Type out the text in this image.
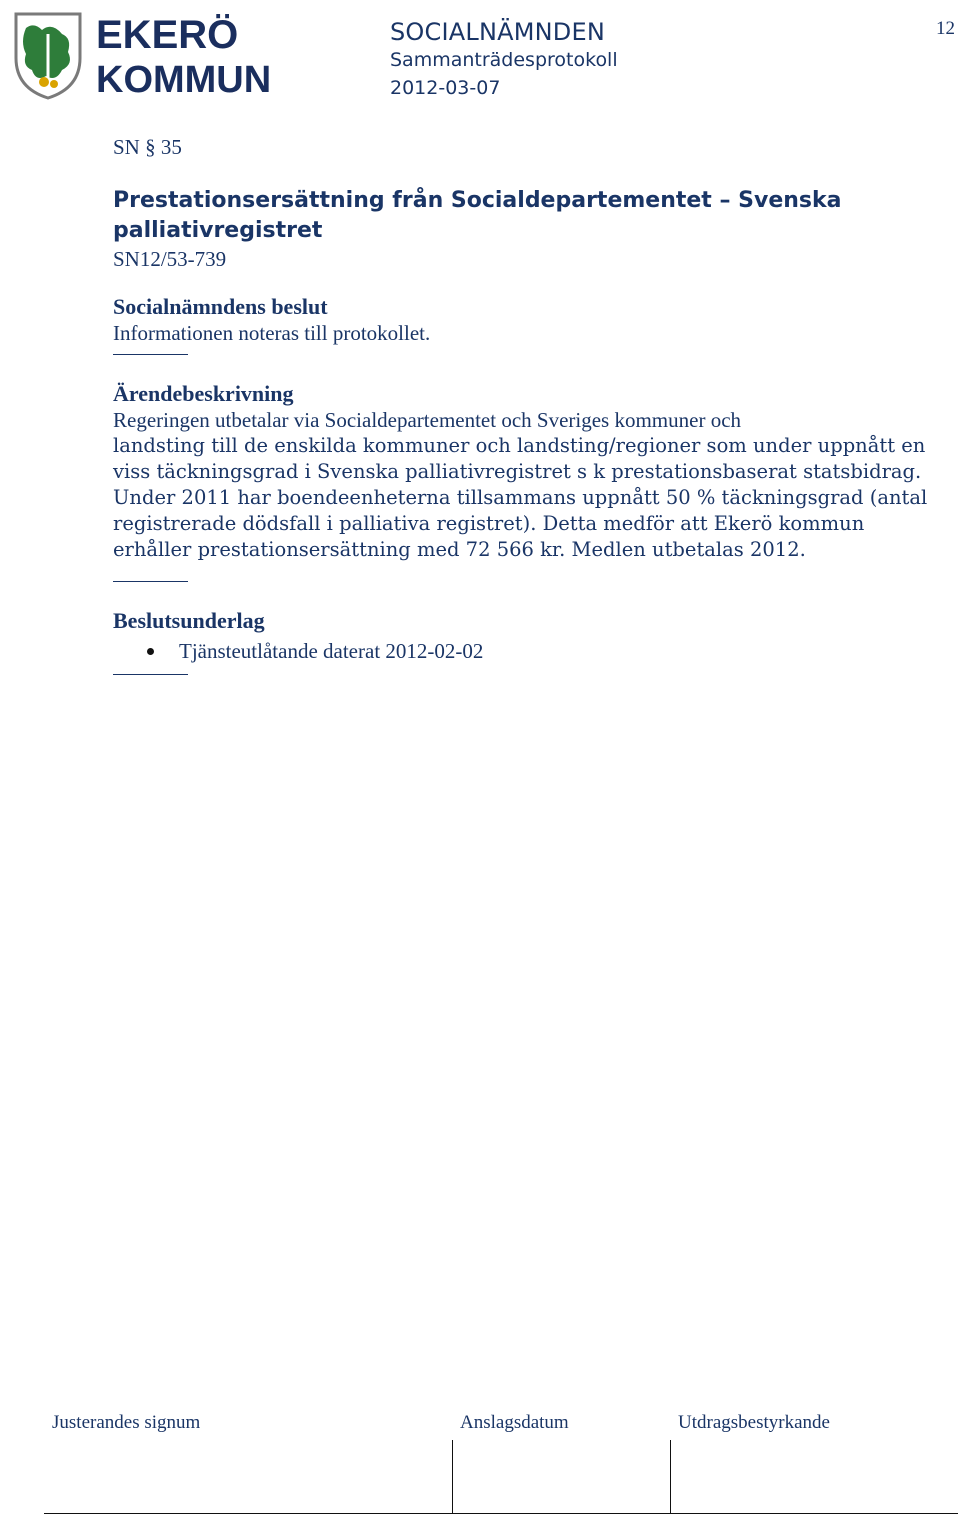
EKERÖ
KOMMUN
SOCIALNÄMNDEN
Sammanträdesprotokoll
2012-03-07
12
SN § 35
Prestationsersättning från Socialdepartementet – Svenska palliativregistret
SN12/53-739
Socialnämndens beslut
Informationen noteras till protokollet.
Ärendebeskrivning
Regeringen utbetalar via Socialdepartementet och Sveriges kommuner och
landsting till de enskilda kommuner och landsting/regioner som under uppnått en viss täckningsgrad i Svenska palliativregistret s k prestationsbaserat statsbidrag. Under 2011 har boendeenheterna tillsammans uppnått 50 % täckningsgrad (antal registrerade dödsfall i palliativa registret). Detta medför att Ekerö kommun erhåller prestationsersättning med 72 566 kr. Medlen utbetalas 2012.
Beslutsunderlag
Tjänsteutlåtande daterat 2012-02-02
Justerandes signum	Anslagsdatum	Utdragsbestyrkande
